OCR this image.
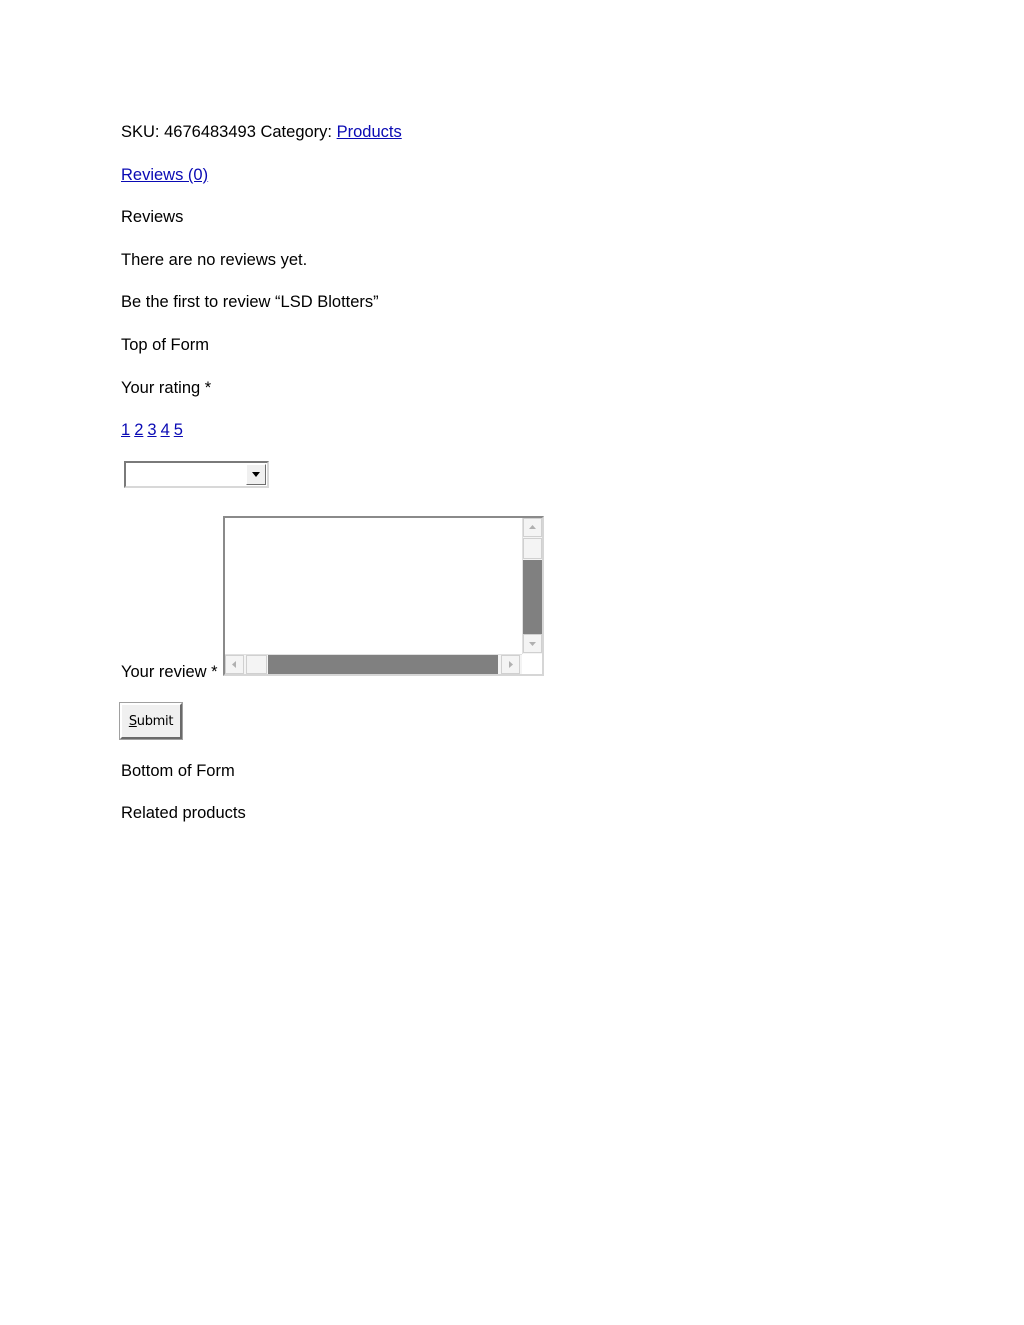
SKU: 4676483493 Category: Products
Reviews (0)
Reviews
There are no reviews yet.
Be the first to review “LSD Blotters”
Top of Form
Your rating *
1 2 3 4 5
Your review *
Submit
Bottom of Form
Related products
